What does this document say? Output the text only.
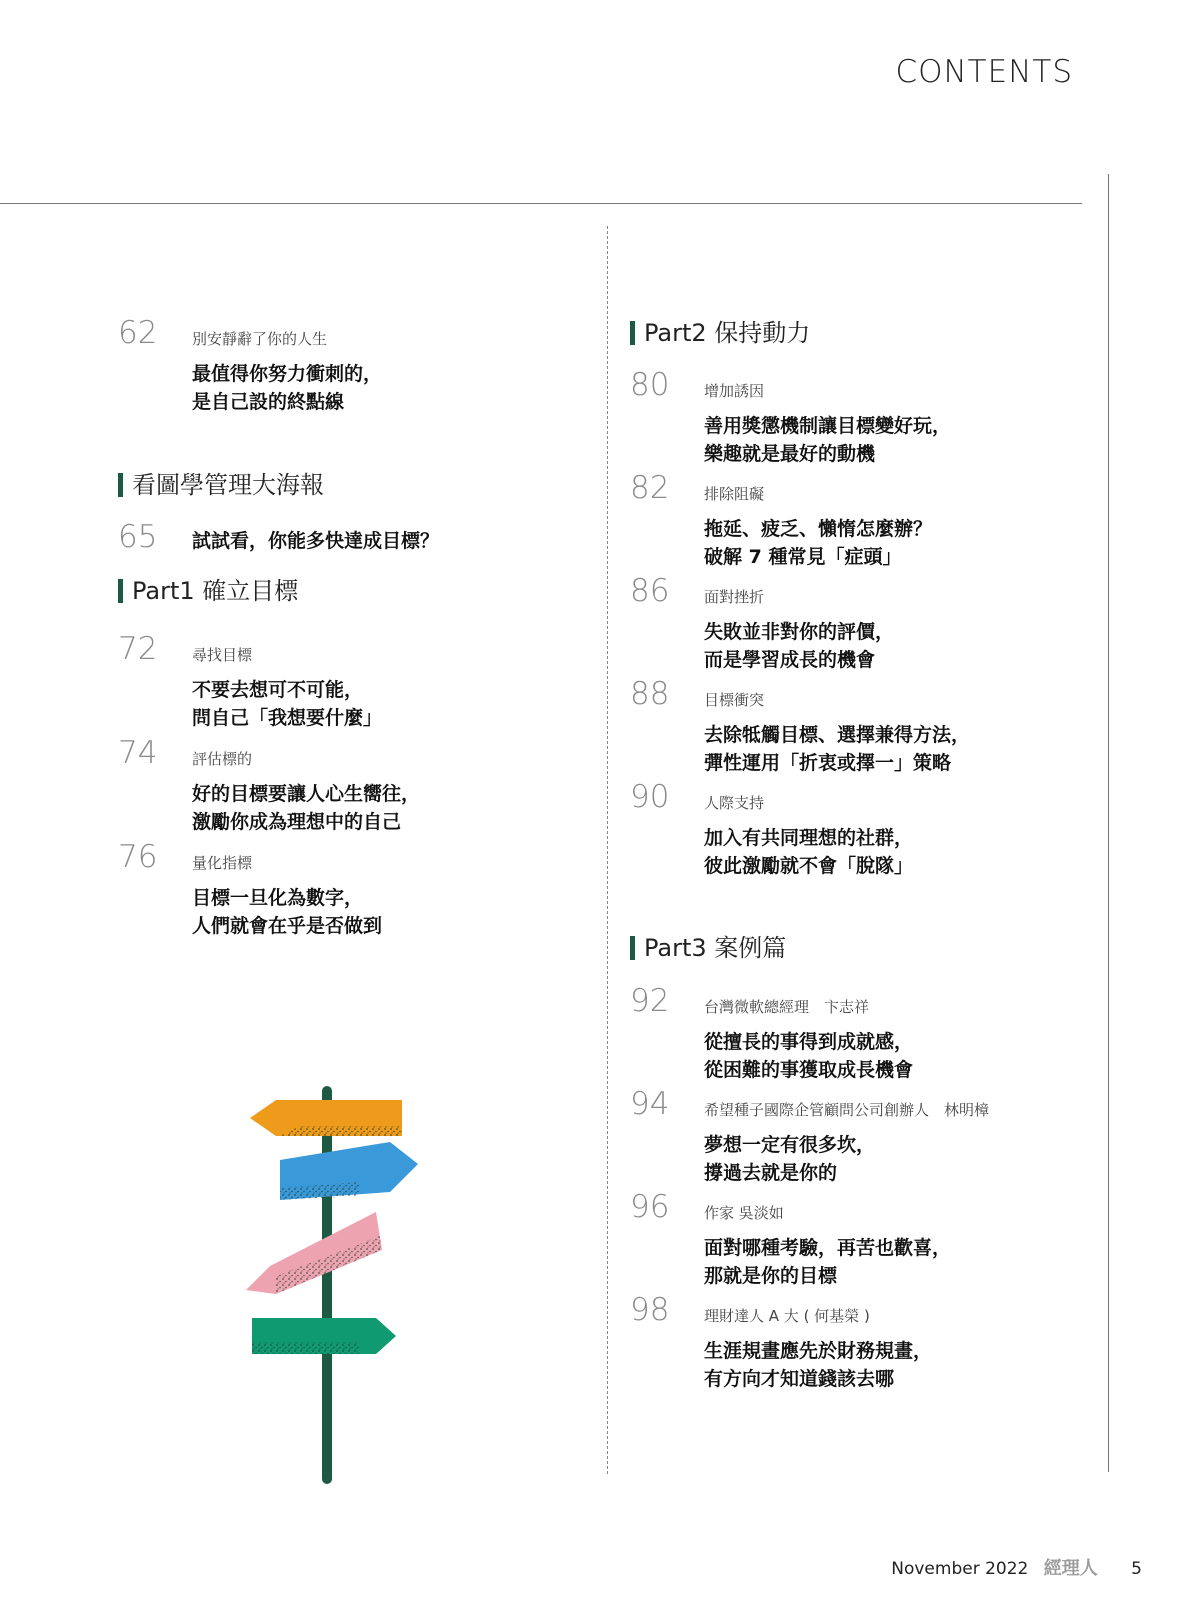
CONTENTS
62 別安靜辭了你的人生
最值得你努力衝刺的，
是自己設的終點線
看圖學管理大海報
65 試試看，你能多快達成目標？
Part1 確立目標
72 尋找目標
不要去想可不可能，
問自己「我想要什麼」
74 評估標的
好的目標要讓人心生嚮往，
激勵你成為理想中的自己
76 量化指標
目標一旦化為數字，
人們就會在乎是否做到
Part2 保持動力
80 增加誘因
善用獎懲機制讓目標變好玩，
樂趣就是最好的動機
82 排除阻礙
拖延、疲乏、懶惰怎麼辦？
破解 7 種常見「症頭」
86 面對挫折
失敗並非對你的評價，
而是學習成長的機會
88 目標衝突
去除牴觸目標、選擇兼得方法，
彈性運用「折衷或擇一」策略
90 人際支持
加入有共同理想的社群，
彼此激勵就不會「脫隊」
Part3 案例篇
92 台灣微軟總經理　卞志祥
從擅長的事得到成就感，
從困難的事獲取成長機會
94 希望種子國際企管顧問公司創辦人　林明樟
夢想一定有很多坎，
撐過去就是你的
96 作家 吳淡如
面對哪種考驗，再苦也歡喜，
那就是你的目標
98 理財達人 A 大 ( 何基榮 )
生涯規畫應先於財務規畫，
有方向才知道錢該去哪
November 2022 經理人 5
